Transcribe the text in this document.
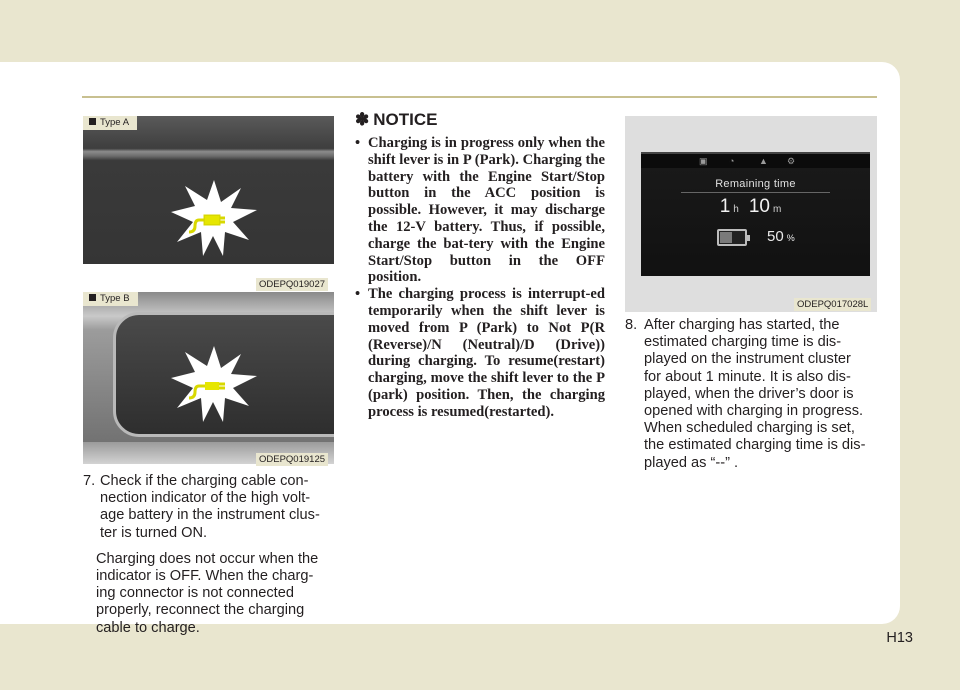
Type A
ODEPQ019027
Type B
ODEPQ019125
7. Check if the charging cable con-
nection indicator of the high volt-
age battery in the instrument clus-
ter is turned ON.
Charging does not occur when the
indicator is OFF. When the charg-
ing connector is not connected
properly, reconnect the charging
cable to charge.
✽ NOTICE
• Charging is in progress only when the shift lever is in P (Park). Charging the battery with the Engine Start/Stop button in the ACC position is possible. However, it may discharge the 12-V battery. Thus, if possible, charge the bat-tery with the Engine Start/Stop button in the OFF position.
• The charging process is interrupt-ed temporarily when the shift lever is moved from P (Park) to Not P(R (Reverse)/N (Neutral)/D (Drive)) during charging. To resume(restart) charging, move the shift lever to the P (park) position. Then, the charging process is resumed(restarted).
▣ ◔	▲ ⚙
Remaining time
1 h 10 m
50 %
ODEPQ017028L
8. After charging has started, the
estimated charging time is dis-
played on the instrument cluster
for about 1 minute. It is also dis-
played, when the driver’s door is
opened with charging in progress.
When scheduled charging is set,
the estimated charging time is dis-
played as “--” .
H13
